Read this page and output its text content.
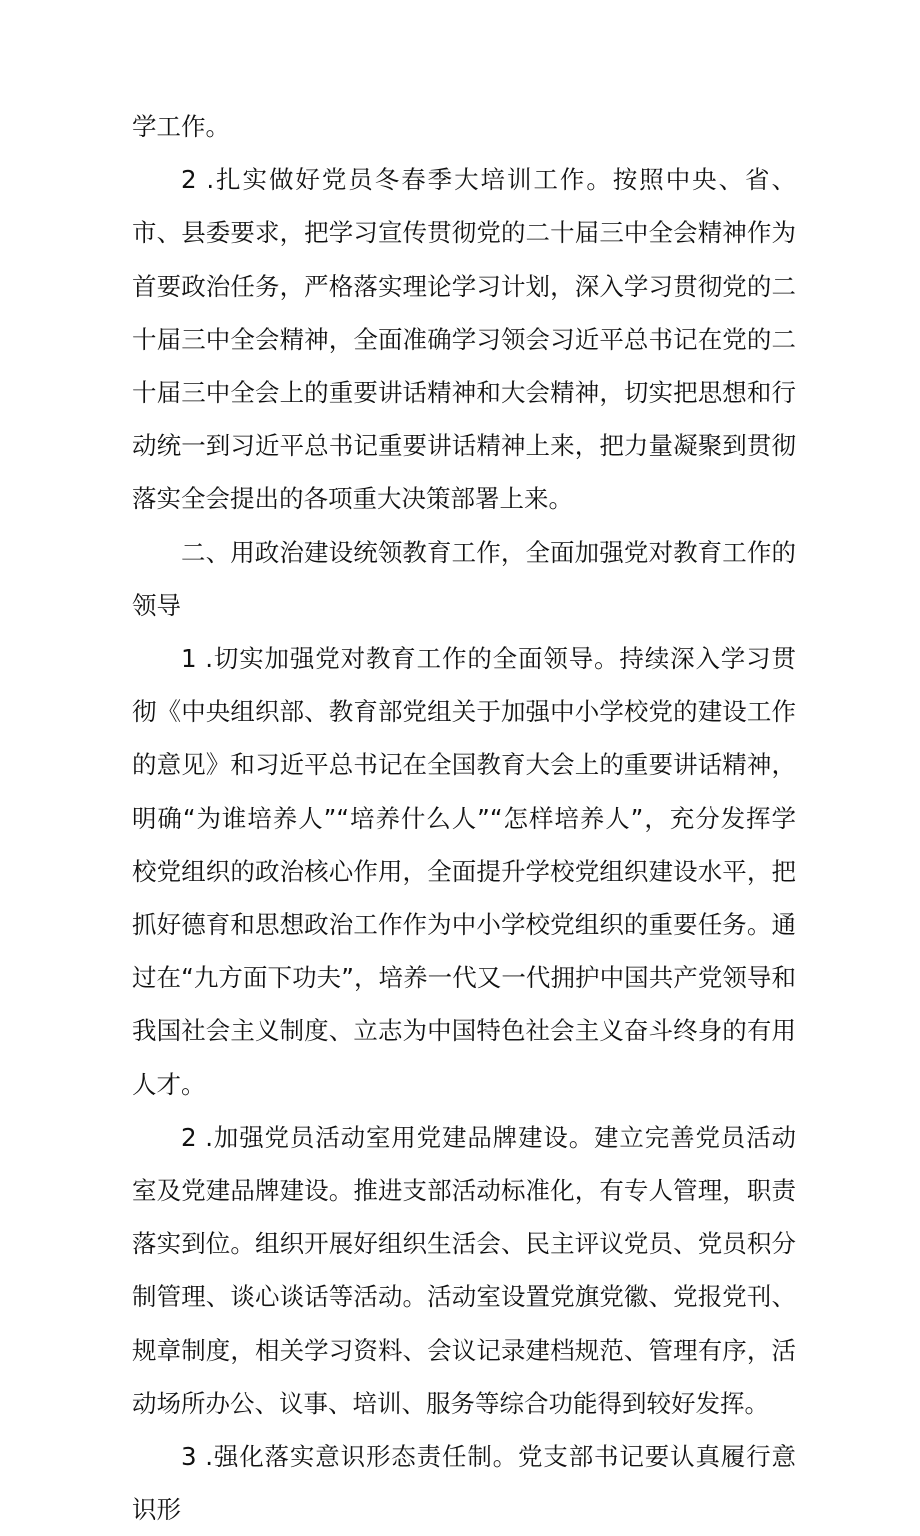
学工作。

2 .扎实做好党员冬春季大培训工作。按照中央、省、市、县委要求，把学习宣传贯彻党的二十届三中全会精神作为首要政治任务，严格落实理论学习计划，深入学习贯彻党的二十届三中全会精神，全面准确学习领会习近平总书记在党的二十届三中全会上的重要讲话精神和大会精神，切实把思想和行动统一到习近平总书记重要讲话精神上来，把力量凝聚到贯彻落实全会提出的各项重大决策部署上来。

二、用政治建设统领教育工作，全面加强党对教育工作的领导

1 .切实加强党对教育工作的全面领导。持续深入学习贯彻《中央组织部、教育部党组关于加强中小学校党的建设工作的意见》和习近平总书记在全国教育大会上的重要讲话精神，明确“为谁培养人”“培养什么人”“怎样培养人”，充分发挥学校党组织的政治核心作用，全面提升学校党组织建设水平，把抓好德育和思想政治工作作为中小学校党组织的重要任务。通过在“九方面下功夫”，培养一代又一代拥护中国共产党领导和我国社会主义制度、立志为中国特色社会主义奋斗终身的有用人才。

2 .加强党员活动室用党建品牌建设。建立完善党员活动室及党建品牌建设。推进支部活动标准化，有专人管理，职责落实到位。组织开展好组织生活会、民主评议党员、党员积分制管理、谈心谈话等活动。活动室设置党旗党徽、党报党刊、规章制度，相关学习资料、会议记录建档规范、管理有序，活动场所办公、议事、培训、服务等综合功能得到较好发挥。

3 .强化落实意识形态责任制。党支部书记要认真履行意识形
